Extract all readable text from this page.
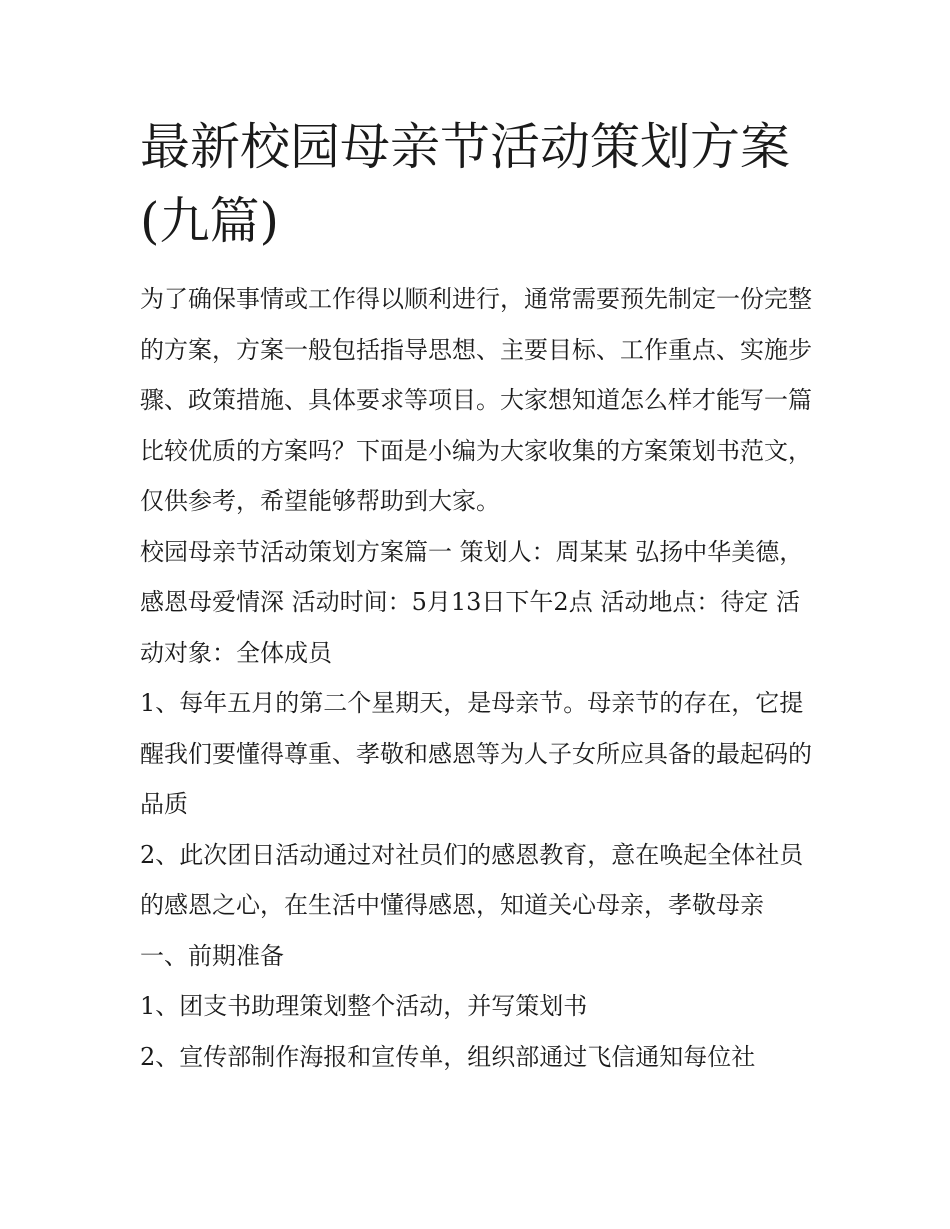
最新校园母亲节活动策划方案(九篇)

为了确保事情或工作得以顺利进行，通常需要预先制定一份完整的方案，方案一般包括指导思想、主要目标、工作重点、实施步骤、政策措施、具体要求等项目。大家想知道怎么样才能写一篇比较优质的方案吗？下面是小编为大家收集的方案策划书范文，仅供参考，希望能够帮助到大家。

校园母亲节活动策划方案篇一 策划人：周某某 弘扬中华美德，感恩母爱情深 活动时间：5月13日下午2点 活动地点：待定 活动对象：全体成员

1、每年五月的第二个星期天，是母亲节。母亲节的存在，它提醒我们要懂得尊重、孝敬和感恩等为人子女所应具备的最起码的品质

2、此次团日活动通过对社员们的感恩教育，意在唤起全体社员的感恩之心，在生活中懂得感恩，知道关心母亲，孝敬母亲

一、前期准备

1、团支书助理策划整个活动，并写策划书

2、宣传部制作海报和宣传单，组织部通过飞信通知每位社
